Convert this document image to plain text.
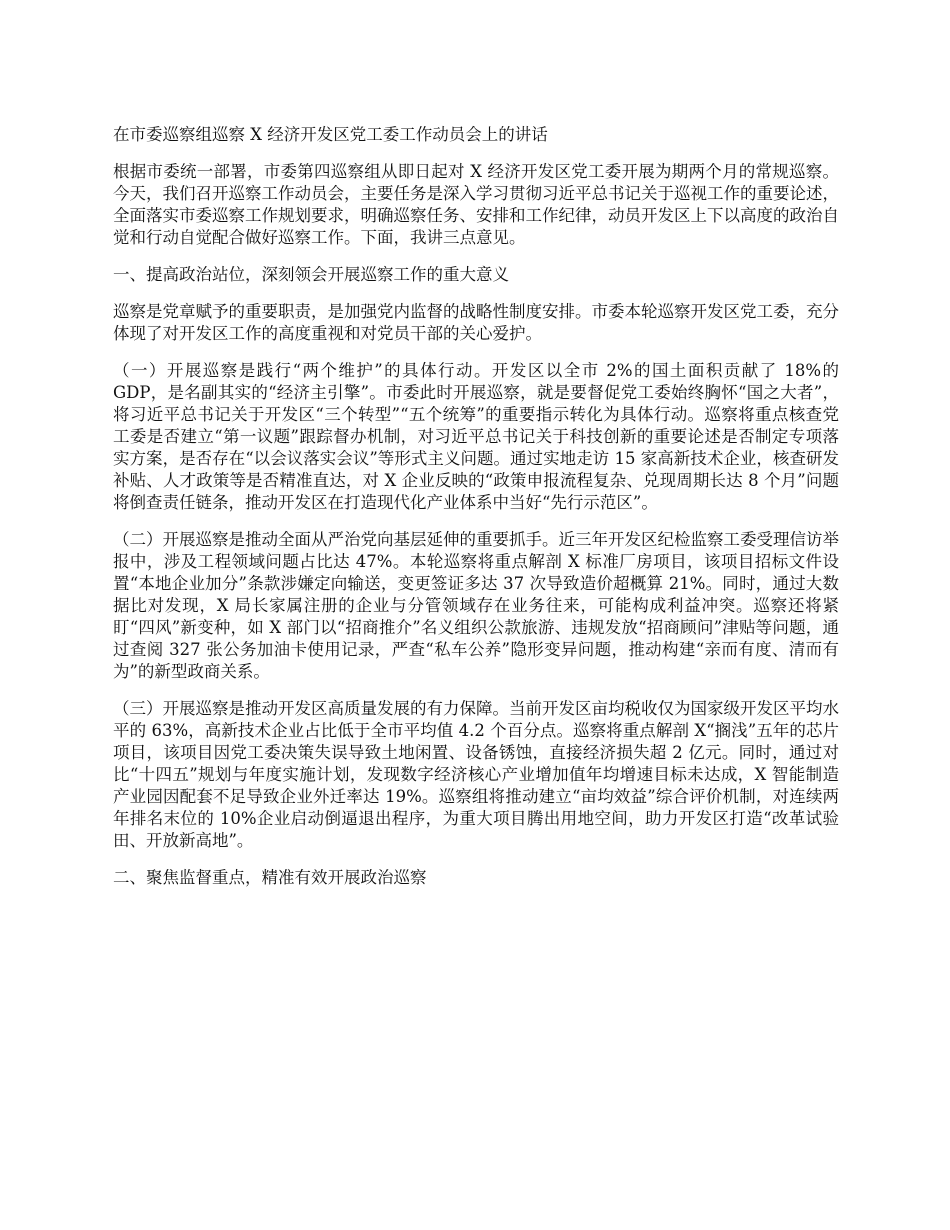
在市委巡察组巡察 X 经济开发区党工委工作动员会上的讲话

根据市委统一部署，市委第四巡察组从即日起对 X 经济开发区党工委开展为期两个月的常规巡察。今天，我们召开巡察工作动员会，主要任务是深入学习贯彻习近平总书记关于巡视工作的重要论述，全面落实市委巡察工作规划要求，明确巡察任务、安排和工作纪律，动员开发区上下以高度的政治自觉和行动自觉配合做好巡察工作。下面，我讲三点意见。

一、提高政治站位，深刻领会开展巡察工作的重大意义

巡察是党章赋予的重要职责，是加强党内监督的战略性制度安排。市委本轮巡察开发区党工委，充分体现了对开发区工作的高度重视和对党员干部的关心爱护。

（一）开展巡察是践行“两个维护”的具体行动。开发区以全市 2%的国土面积贡献了 18%的 GDP，是名副其实的“经济主引擎”。市委此时开展巡察，就是要督促党工委始终胸怀“国之大者”，将习近平总书记关于开发区“三个转型”“五个统筹”的重要指示转化为具体行动。巡察将重点核查党工委是否建立“第一议题”跟踪督办机制，对习近平总书记关于科技创新的重要论述是否制定专项落实方案，是否存在“以会议落实会议”等形式主义问题。通过实地走访 15 家高新技术企业，核查研发补贴、人才政策等是否精准直达，对 X 企业反映的“政策申报流程复杂、兑现周期长达 8 个月”问题将倒查责任链条，推动开发区在打造现代化产业体系中当好“先行示范区”。

（二）开展巡察是推动全面从严治党向基层延伸的重要抓手。近三年开发区纪检监察工委受理信访举报中，涉及工程领域问题占比达 47%。本轮巡察将重点解剖 X 标准厂房项目，该项目招标文件设置“本地企业加分”条款涉嫌定向输送，变更签证多达 37 次导致造价超概算 21%。同时，通过大数据比对发现，X 局长家属注册的企业与分管领域存在业务往来，可能构成利益冲突。巡察还将紧盯“四风”新变种，如 X 部门以“招商推介”名义组织公款旅游、违规发放“招商顾问”津贴等问题，通过查阅 327 张公务加油卡使用记录，严查“私车公养”隐形变异问题，推动构建“亲而有度、清而有为”的新型政商关系。

（三）开展巡察是推动开发区高质量发展的有力保障。当前开发区亩均税收仅为国家级开发区平均水平的 63%，高新技术企业占比低于全市平均值 4.2 个百分点。巡察将重点解剖 X“搁浅”五年的芯片项目，该项目因党工委决策失误导致土地闲置、设备锈蚀，直接经济损失超 2 亿元。同时，通过对比“十四五”规划与年度实施计划，发现数字经济核心产业增加值年均增速目标未达成，X 智能制造产业园因配套不足导致企业外迁率达 19%。巡察组将推动建立“亩均效益”综合评价机制，对连续两年排名末位的 10%企业启动倒逼退出程序，为重大项目腾出用地空间，助力开发区打造“改革试验田、开放新高地”。

二、聚焦监督重点，精准有效开展政治巡察
